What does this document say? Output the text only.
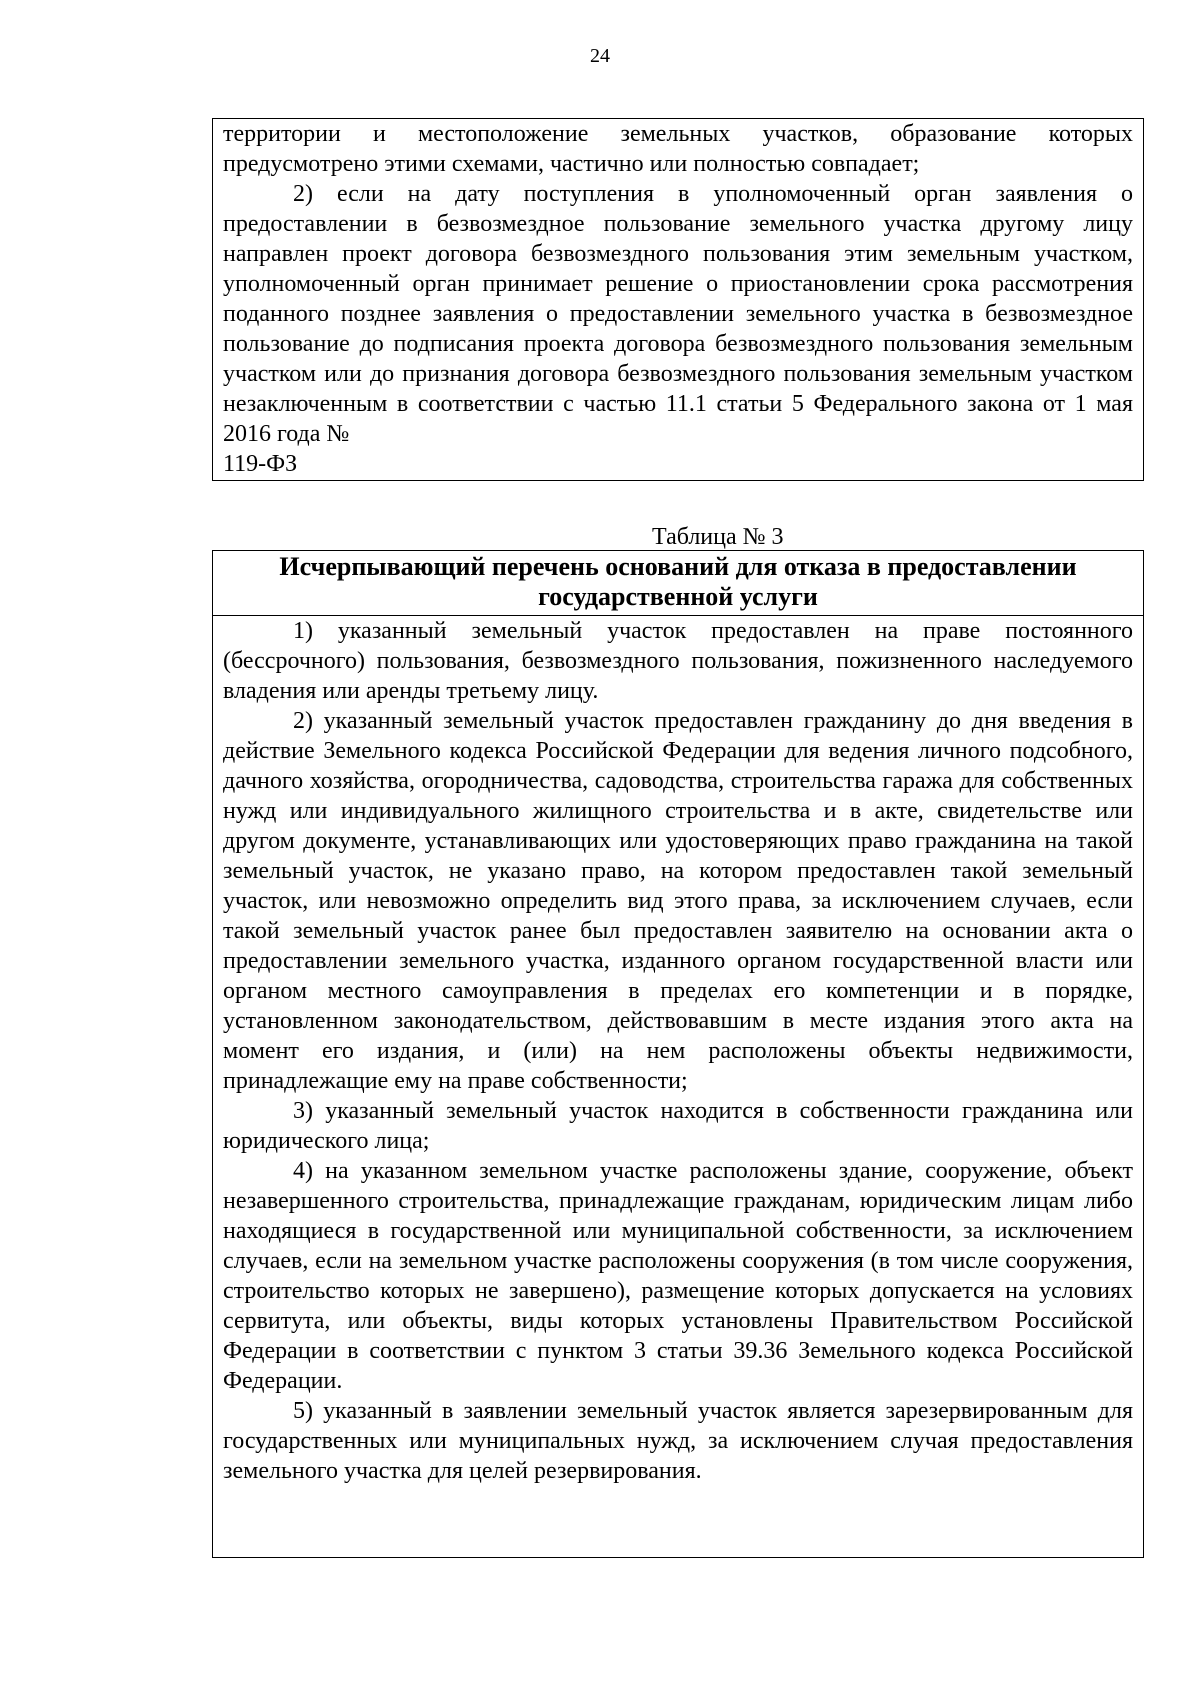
24

территории и местоположение земельных участков, образование которых предусмотрено этими схемами, частично или полностью совпадает;

2) если на дату поступления в уполномоченный орган заявления о предоставлении в безвозмездное пользование земельного участка другому лицу направлен проект договора безвозмездного пользования этим земельным участком, уполномоченный орган принимает решение о приостановлении срока рассмотрения поданного позднее заявления о предоставлении земельного участка в безвозмездное пользование до подписания проекта договора безвозмездного пользования земельным участком или до признания договора безвозмездного пользования земельным участком незаключенным в соответствии с частью 11.1 статьи 5 Федерального закона от 1 мая 2016 года №

119-ФЗ

Таблица № 3
Исчерпывающий перечень оснований для отказа в предоставлении государственной услуги

1) указанный земельный участок предоставлен на праве постоянного (бессрочного) пользования, безвозмездного пользования, пожизненного наследуемого владения или аренды третьему лицу.

2) указанный земельный участок предоставлен гражданину до дня введения в действие Земельного кодекса Российской Федерации для ведения личного подсобного, дачного хозяйства, огородничества, садоводства, строительства гаража для собственных нужд или индивидуального жилищного строительства и в акте, свидетельстве или другом документе, устанавливающих или удостоверяющих право гражданина на такой земельный участок, не указано право, на котором предоставлен такой земельный участок, или невозможно определить вид этого права, за исключением случаев, если такой земельный участок ранее был предоставлен заявителю на основании акта о предоставлении земельного участка, изданного органом государственной власти или органом местного самоуправления в пределах его компетенции и в порядке, установленном законодательством, действовавшим в месте издания этого акта на момент его издания, и (или) на нем расположены объекты недвижимости, принадлежащие ему на праве собственности;

3) указанный земельный участок находится в собственности гражданина или юридического лица;

4) на указанном земельном участке расположены здание, сооружение, объект незавершенного строительства, принадлежащие гражданам, юридическим лицам либо находящиеся в государственной или муниципальной собственности, за исключением случаев, если на земельном участке расположены сооружения (в том числе сооружения, строительство которых не завершено), размещение которых допускается на условиях сервитута, или объекты, виды которых установлены Правительством Российской Федерации в соответствии с пунктом 3 статьи 39.36 Земельного кодекса Российской Федерации.

5) указанный в заявлении земельный участок является зарезервированным для государственных или муниципальных нужд, за исключением случая предоставления земельного участка для целей резервирования.
